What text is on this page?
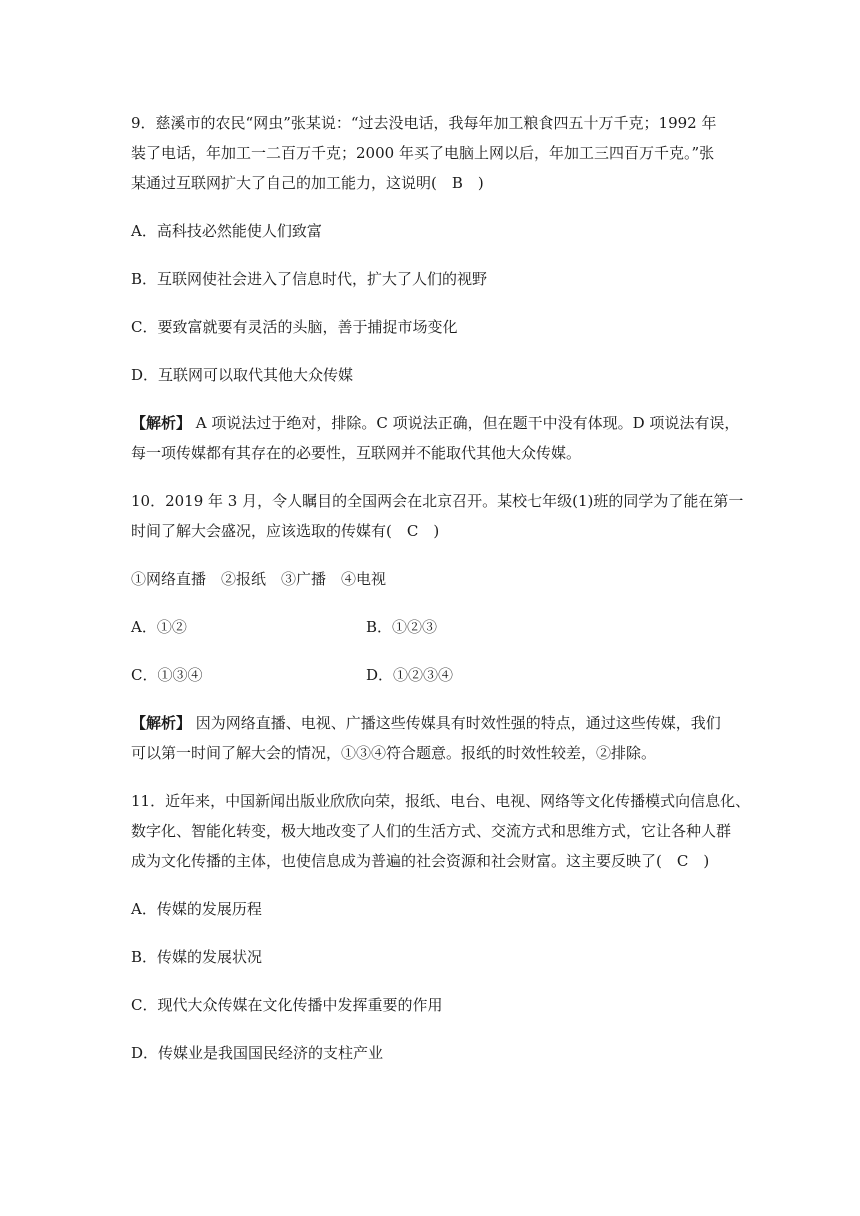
9．慈溪市的农民“网虫”张某说：“过去没电话，我每年加工粮食四五十万千克；1992 年
装了电话，年加工一二百万千克；2000 年买了电脑上网以后，年加工三四百万千克。”张
某通过互联网扩大了自己的加工能力，这说明(　B　)
A．高科技必然能使人们致富
B．互联网使社会进入了信息时代，扩大了人们的视野
C．要致富就要有灵活的头脑，善于捕捉市场变化
D．互联网可以取代其他大众传媒
【解析】 A 项说法过于绝对，排除。C 项说法正确，但在题干中没有体现。D 项说法有误，
每一项传媒都有其存在的必要性，互联网并不能取代其他大众传媒。
10．2019 年 3 月，令人瞩目的全国两会在北京召开。某校七年级(1)班的同学为了能在第一
时间了解大会盛况，应该选取的传媒有(　C　)
①网络直播　②报纸　③广播　④电视
A．①②	B．①②③
C．①③④	D．①②③④
【解析】 因为网络直播、电视、广播这些传媒具有时效性强的特点，通过这些传媒，我们
可以第一时间了解大会的情况，①③④符合题意。报纸的时效性较差，②排除。
11．近年来，中国新闻出版业欣欣向荣，报纸、电台、电视、网络等文化传播模式向信息化、
数字化、智能化转变，极大地改变了人们的生活方式、交流方式和思维方式，它让各种人群
成为文化传播的主体，也使信息成为普遍的社会资源和社会财富。这主要反映了(　C　)
A．传媒的发展历程
B．传媒的发展状况
C．现代大众传媒在文化传播中发挥重要的作用
D．传媒业是我国国民经济的支柱产业
